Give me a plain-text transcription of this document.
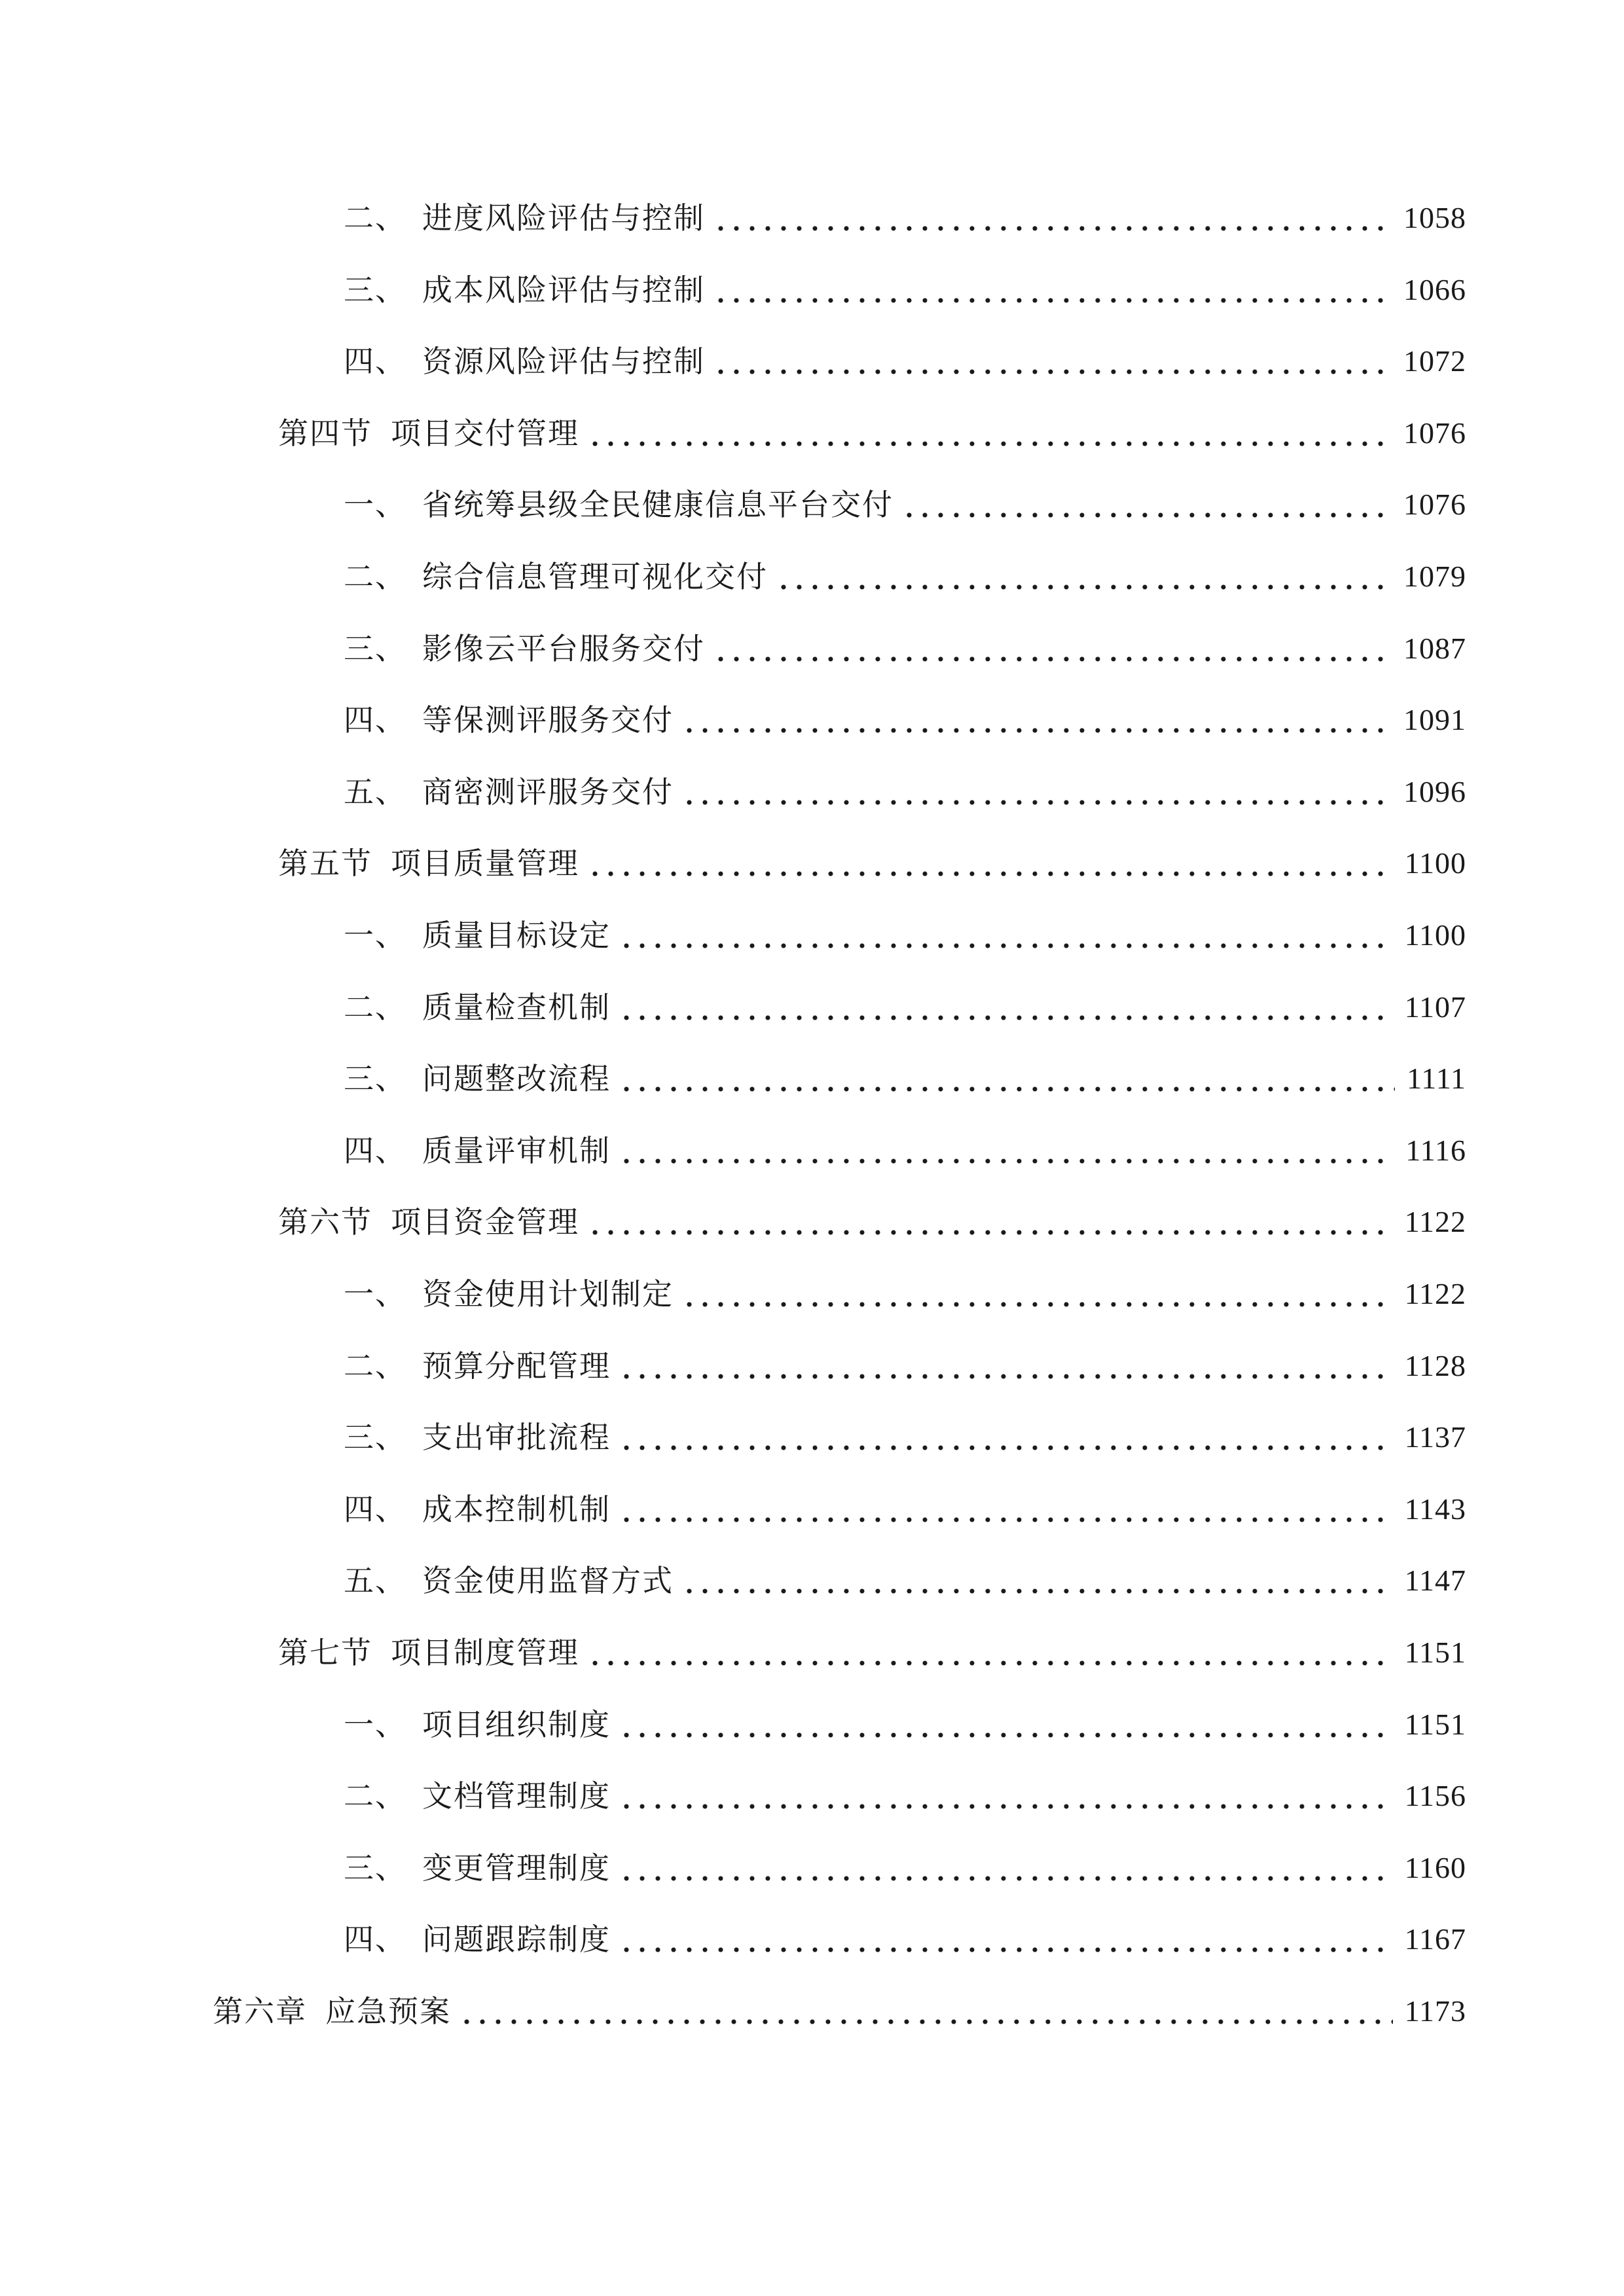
二、 进度风险评估与控制	1058
三、 成本风险评估与控制	1066
四、 资源风险评估与控制	1072
第四节 项目交付管理	1076
一、 省统筹县级全民健康信息平台交付	1076
二、 综合信息管理可视化交付	1079
三、 影像云平台服务交付	1087
四、 等保测评服务交付	1091
五、 商密测评服务交付	1096
第五节 项目质量管理	1100
一、 质量目标设定	1100
二、 质量检查机制	1107
三、 问题整改流程	1111
四、 质量评审机制	1116
第六节 项目资金管理	1122
一、 资金使用计划制定	1122
二、 预算分配管理	1128
三、 支出审批流程	1137
四、 成本控制机制	1143
五、 资金使用监督方式	1147
第七节 项目制度管理	1151
一、 项目组织制度	1151
二、 文档管理制度	1156
三、 变更管理制度	1160
四、 问题跟踪制度	1167
第六章 应急预案	1173
